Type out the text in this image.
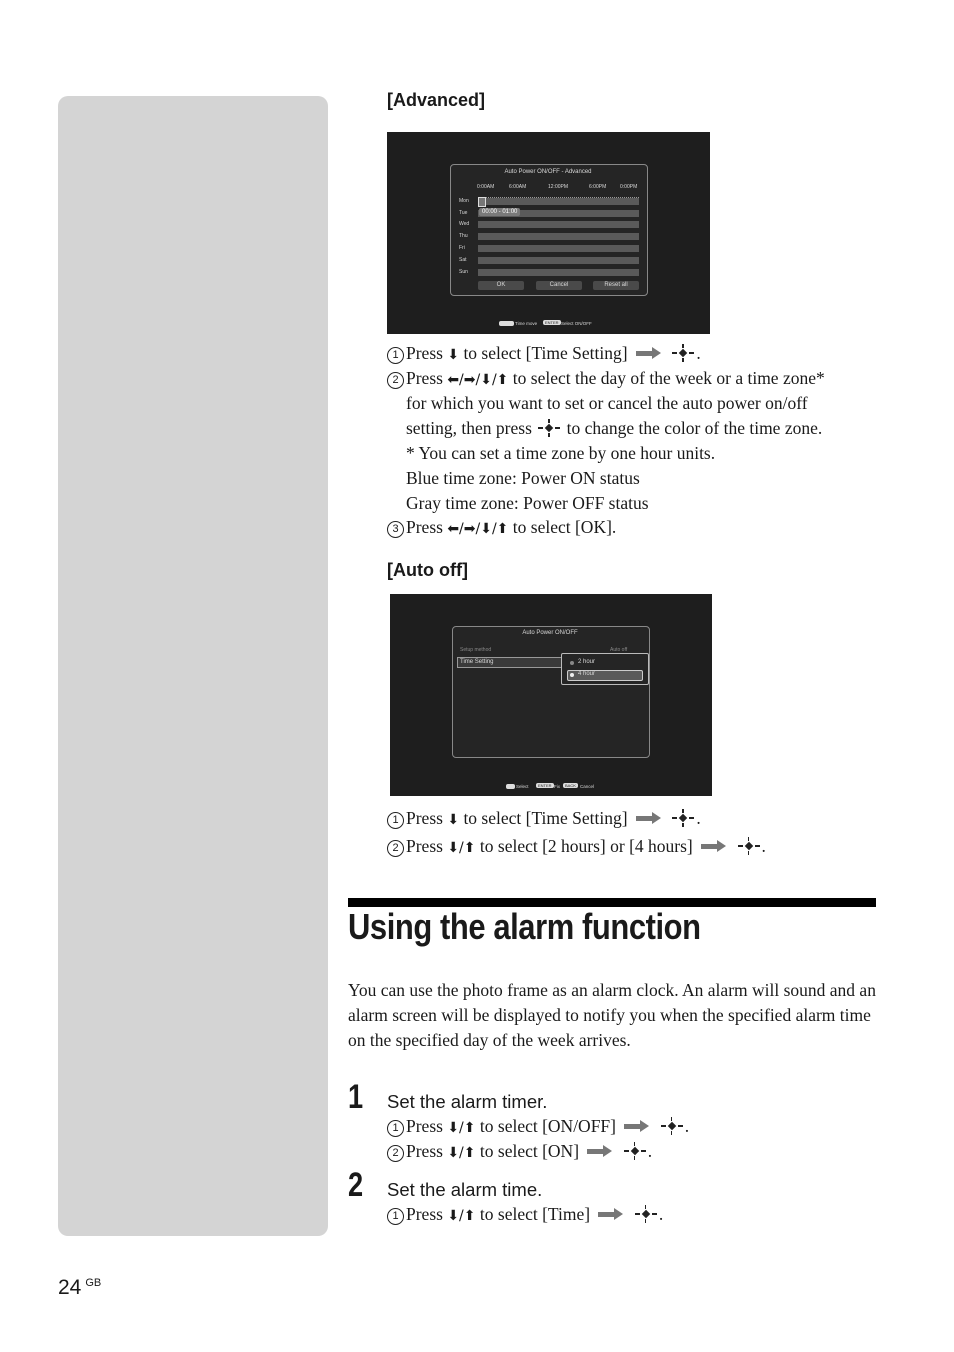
[Advanced]
Auto Power ON/OFF - Advanced
0:00AM	6:00AM	12:00PM	6:00PM	0:00PM
Mon
Tue
Wed
Thu
Fri
Sat
Sun
00:00 - 01:00
OK	Cancel	Reset all
Time move	ENTER Select ON/OFF
1 Press ⬇ to select [Time Setting]	.
2 Press ⬅/➡/⬇/⬆ to select the day of the week or a time zone*
for which you want to set or cancel the auto power on/off
setting, then press to change the color of the time zone.
* You can set a time zone by one hour units.
Blue time zone: Power ON status
Gray time zone: Power OFF status
3 Press ⬅/➡/⬇/⬆ to select [OK].
[Auto off]
Auto Power ON/OFF
Setup method	Auto off
Time Setting	2 hour
4 hour
Select	ENTER Fix	BACK Cancel
1 Press ⬇ to select [Time Setting]	.
2 Press ⬇/⬆ to select [2 hours] or [4 hours]	.
Using the alarm function
You can use the photo frame as an alarm clock. An alarm will sound and an alarm screen will be displayed to notify you when the specified alarm time on the specified day of the week arrives.
1 Set the alarm timer.
1 Press ⬇/⬆ to select [ON/OFF]	.
2 Press ⬇/⬆ to select [ON]	.
2 Set the alarm time.
1 Press ⬇/⬆ to select [Time]	.
24 $^{GB}$
